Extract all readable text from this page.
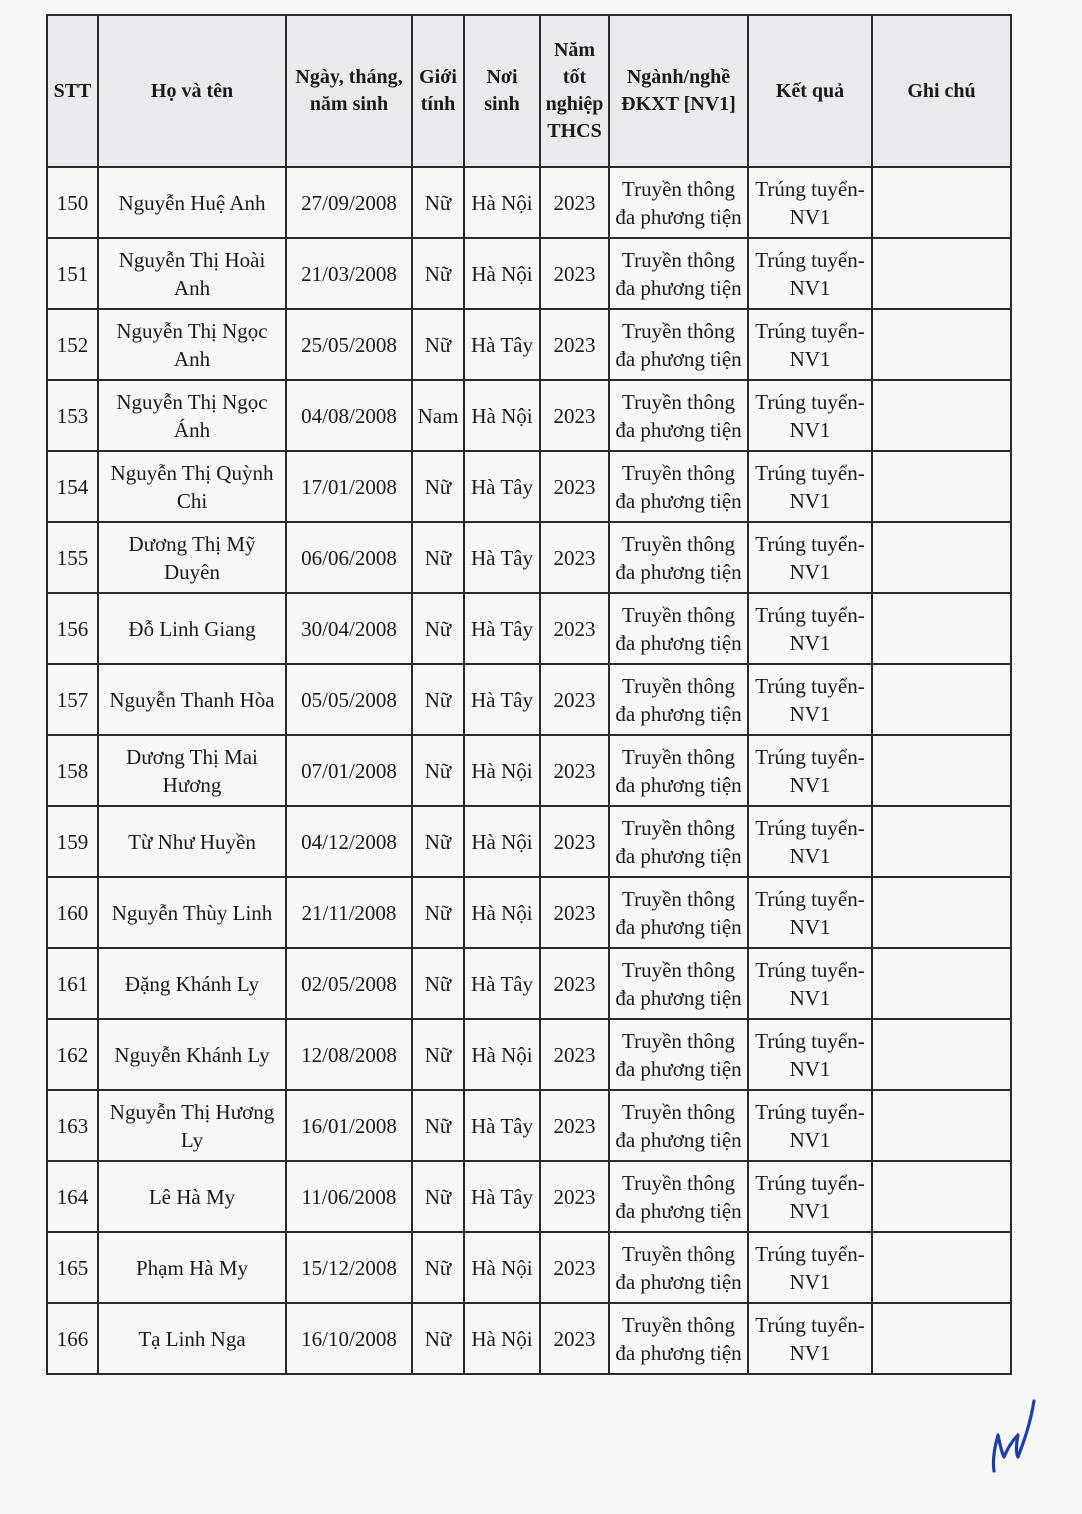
STT	Họ và tên	Ngày, tháng, năm sinh	Giới tính	Nơi sinh	Năm tốt nghiệp THCS	Ngành/nghề ĐKXT [NV1]	Kết quả	Ghi chú
150	Nguyễn Huệ Anh	27/09/2008	Nữ	Hà Nội	2023	Truyền thông đa phương tiện	Trúng tuyển-NV1	
151	Nguyễn Thị Hoài Anh	21/03/2008	Nữ	Hà Nội	2023	Truyền thông đa phương tiện	Trúng tuyển-NV1	
152	Nguyễn Thị Ngọc Anh	25/05/2008	Nữ	Hà Tây	2023	Truyền thông đa phương tiện	Trúng tuyển-NV1	
153	Nguyễn Thị Ngọc Ánh	04/08/2008	Nam	Hà Nội	2023	Truyền thông đa phương tiện	Trúng tuyển-NV1	
154	Nguyễn Thị Quỳnh Chi	17/01/2008	Nữ	Hà Tây	2023	Truyền thông đa phương tiện	Trúng tuyển-NV1	
155	Dương Thị Mỹ Duyên	06/06/2008	Nữ	Hà Tây	2023	Truyền thông đa phương tiện	Trúng tuyển-NV1	
156	Đỗ Linh Giang	30/04/2008	Nữ	Hà Tây	2023	Truyền thông đa phương tiện	Trúng tuyển-NV1	
157	Nguyễn Thanh Hòa	05/05/2008	Nữ	Hà Tây	2023	Truyền thông đa phương tiện	Trúng tuyển-NV1	
158	Dương Thị Mai Hương	07/01/2008	Nữ	Hà Nội	2023	Truyền thông đa phương tiện	Trúng tuyển-NV1	
159	Từ Như Huyền	04/12/2008	Nữ	Hà Nội	2023	Truyền thông đa phương tiện	Trúng tuyển-NV1	
160	Nguyễn Thùy Linh	21/11/2008	Nữ	Hà Nội	2023	Truyền thông đa phương tiện	Trúng tuyển-NV1	
161	Đặng Khánh Ly	02/05/2008	Nữ	Hà Tây	2023	Truyền thông đa phương tiện	Trúng tuyển-NV1	
162	Nguyễn Khánh Ly	12/08/2008	Nữ	Hà Nội	2023	Truyền thông đa phương tiện	Trúng tuyển-NV1	
163	Nguyễn Thị Hương Ly	16/01/2008	Nữ	Hà Tây	2023	Truyền thông đa phương tiện	Trúng tuyển-NV1	
164	Lê Hà My	11/06/2008	Nữ	Hà Tây	2023	Truyền thông đa phương tiện	Trúng tuyển-NV1	
165	Phạm Hà My	15/12/2008	Nữ	Hà Nội	2023	Truyền thông đa phương tiện	Trúng tuyển-NV1	
166	Tạ Linh Nga	16/10/2008	Nữ	Hà Nội	2023	Truyền thông đa phương tiện	Trúng tuyển-NV1	
